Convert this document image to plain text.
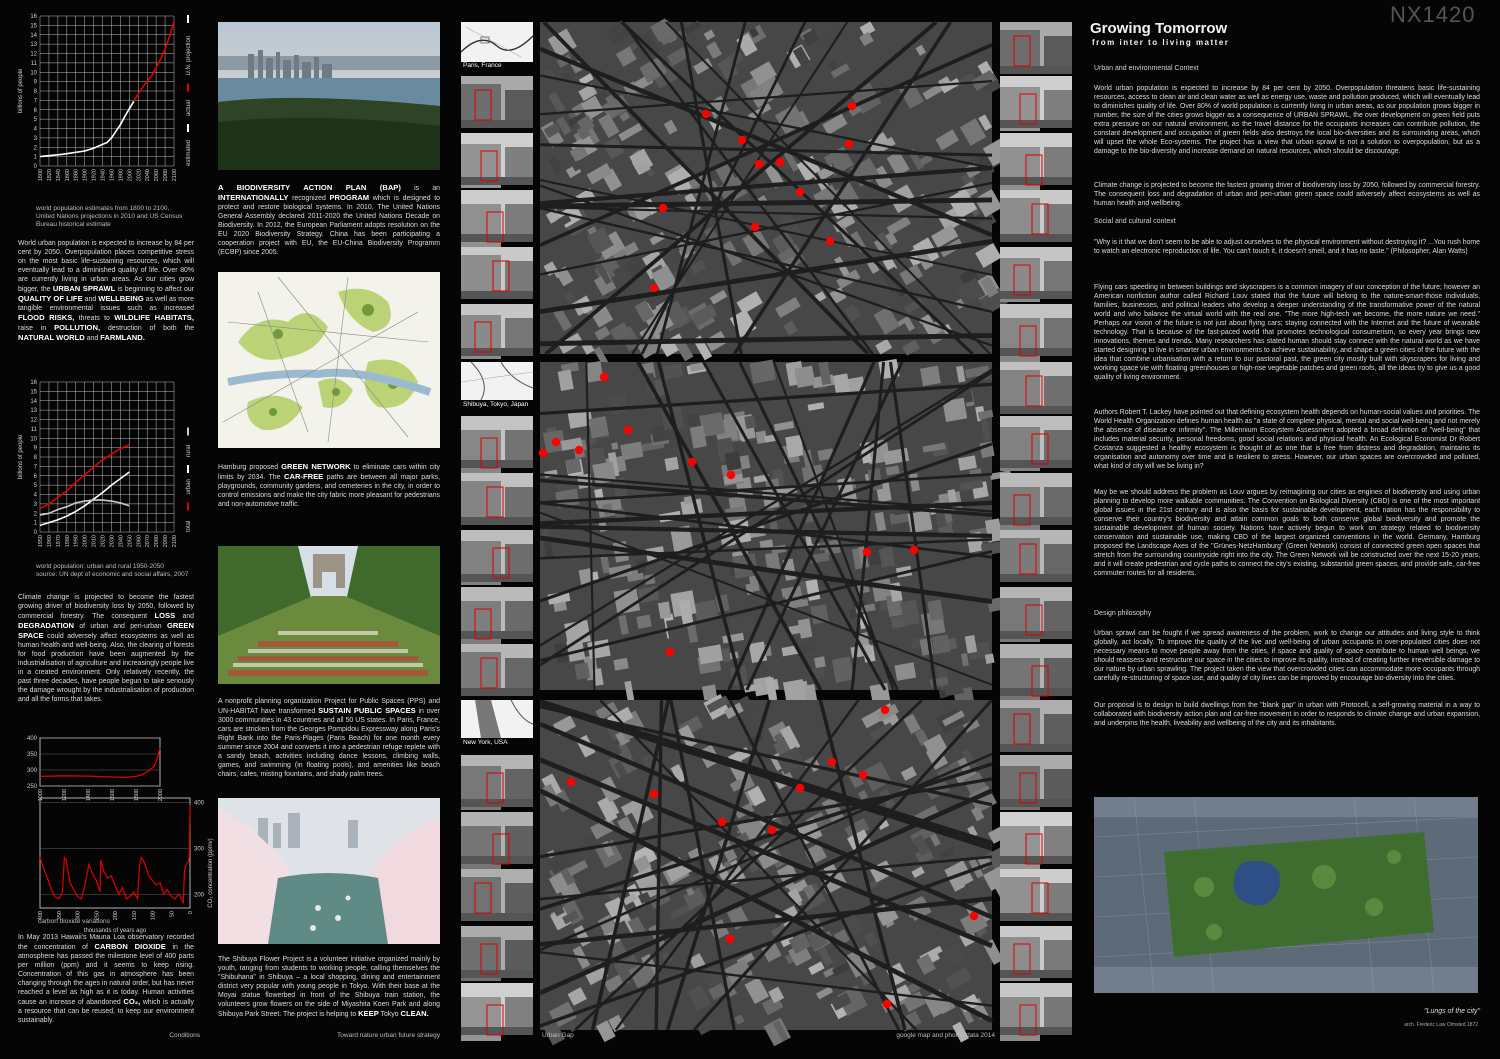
NX1420
0
1
2
3
4
5
6
7
8
9
10
11
12
13
14
15
16
1800 1820 1840 1860 1880 1900 1920 1940 1960 1980 2000 2020 2040 2060 2080 2100
billions of people
estimated
actual
U.N. projection
world population estimates from 1800 to 2100, United Nations projections in 2010 and US Census Bureau historical estimate
World urban population is expected to increase by 84 per cent by 2050. Overpopulation places competitive stress on the most basic life-sustaining resources, which will eventually lead to a diminished quality of life. Over 80% are currently living in urban areas. As our cities grow bigger, the URBAN SPRAWL is beginning to affect our QUALITY OF LIFE and WELLBEING as well as more tangible environmental issues such as increased FLOOD RISKS, threats to WILDLIFE HABITATS, raise in POLLUTION, destruction of both the NATURAL WORLD and FARMLAND.
0
1
2
3
4
5
6
7
8
9
10
11
12
13
14
15
16
1950 1960 1970 1980 1990 2000 2010 2020 2030 2040 2050 2060 2070 2080 2090 2100
billions of people
total
urban
rural
world population: urban and rural 1950-2050
source: UN dept of economic and social affairs, 2007
Climate change is projected to become the fastest growing driver of biodiversity loss by 2050, followed by commercial forestry. The consequent LOSS and DEGRADATION of urban and peri-urban GREEN SPACE could adversely affect ecosystems as well as human health and well-being. Also, the clearing of forests for food production have been augmented by the industrialisation of agriculture and increasingly people live in a created environment. Only relatively recently, the past three decades, have people begun to take seriously the damage wrought by the industrialisation of production and all the forms that takes.
400
350
300
250
1000	1200	1400	1600	1800	2000
400
300
200
400 350 300 250 200 150 100 50 0
thousands of years ago
CO₂ concentration (ppmv)
carbon dioxide variations
In May 2013 Hawaii's Mauna Loa observatory recorded the concentration of CARBON DIOXIDE in the atmosphere has passed the milestone level of 400 parts per million (ppm) and it seems to keep rising. Concentration of this gas in atmosphere has been changing through the ages in natural order, but has never reached a level as high as it is today. Human activities cause an increase of abandoned CO₂, which is actually a resource that can be reused, to keep our environment sustainably.
Conditions
A BIODIVERSITY ACTION PLAN (BAP) is an INTERNATIONALLY recognized PROGRAM which is designed to protect and restore biological systems. In 2010, The United Nations General Assembly declared 2011-2020 the United Nations Decade on Biodiversity. In 2012, the European Parliament adopts resolution on the EU 2020 Biodiversity Strategy. China has been participating a cooperation project with EU, the EU-China Biodiversity Programm (ECBP) since 2005.
Hamburg proposed GREEN NETWORK to eliminate cars within city limits by 2034. The CAR-FREE paths are between all major parks, playgrounds, community gardens, and cemeteries in the city, in order to control emissions and make the city fabric more pleasant for pedestrians and non-automotive traffic.
A nonprofit planning organization Project for Public Spaces (PPS) and UN-HABITAT have transformed SUSTAIN PUBLIC SPACES in over 3000 communities in 43 countries and all 50 US states. In Paris, France, cars are stricken from the Georges Pompidou Expressway along Paris's Right Bank into the Paris-Plages (Paris Beach) for one month every summer since 2004 and converts it into a pedestrian refuge replete with a sandy beach, activities including dance lessons, climbing walls, games, and swimming (in floating pools), and amenities like beach chairs, cafes, misting fountains, and shady palm trees.
The Shibuya Flower Project is a volunteer initiative organized mainly by youth, ranging from students to working people, calling themselves the "Shibuhana" in Shibuya – a local shopping, dining and entertainment district very popular with young people in Tokyo. With their base at the Moyai statue flowerbed in front of the Shibuya train station, the volunteers grow flowers on the side of Miyashita Koen Park and along Shibuya Park Street. The project is helping to KEEP Tokyo CLEAN.
Toward nature urban future strategy
Paris, France
Shibuya, Tokyo, Japan
New York, USA
Urban Gap	google map and photos data 2014
Growing Tomorrow
from inter to living matter
Urban and environmental Context
World urban population is expected to increase by 84 per cent by 2050. Overpopulation threatens basic life-sustaining resources, access to clean air and clean water as well as energy use, waste and pollution produced, which will eventually lead to diminishes quality of life. Over 80% of world population is currently living in urban areas, as our population grows bigger in number, the size of the cities grows bigger as a consequence of URBAN SPRAWL, the over development on green field puts extra pressure on our natural environment, as the travel distance for the occupants increases can contribute pollution, the constant development and occupation of green fields also destroys the local bio-diversities and its surrounding areas, which will upset the whole Eco-systems. The project has a view that urban sprawl is not a solution to overpopulation, but as a damage to the bio-diversity and increase demand on natural resources, which should be discourage.
Climate change is projected to become the fastest growing driver of biodiversity loss by 2050, followed by commercial forestry. The consequent loss and degradation of urban and peri-urban green space could adversely affect ecosystems as well as human health and wellbeing.
Social and cultural context
"Why is it that we don't seem to be able to adjust ourselves to the physical environment without destroying it? ...You rush home to watch an electronic reproduction of life. You can't touch it, it doesn't smell, and it has no taste." (Philosopher, Alan Watts)
Flying cars speeding in between buildings and skyscrapers is a common imagery of our conception of the future; however an American nonfiction author called Richard Louv stated that the future will belong to the nature-smart-those individuals, families, businesses, and political leaders who develop a deeper understanding of the transformative power of the natural world and who balance the virtual world with the real one. "The more high-tech we become, the more nature we need." Perhaps our vision of the future is not just about flying cars; staying connected with the Internet and the future of wearable technology. That is because of the fast-paced world that promotes technological consumerism, so every year brings new innovations, themes and trends. Many researchers has stated human should stay connect with the natural world as we have started designing to live in smarter urban environments to achieve sustainability, and shape a green cities of the future with the idea that combine urbanisation with a return to our pastoral past, the green city mostly built with skyscrapers for living and working space vie with floating greenhouses or high-rise vegetable patches and green roofs, all the ideas try to give us a good quality of living environment.
Authors Robert T. Lackey have pointed out that defining ecosystem health depends on human-social values and priorities. The World Health Organization defines human health as "a state of complete physical, mental and social well-being and not merely the absence of disease or infirmity". The Millennium Ecosystem Assessment adopted a broad definition of "well-being" that includes material security, personal freedoms, good social relations and physical health. An Ecological Economist Dr Robert Costanza suggested a healthy ecosystem is thought of as one that is free from distress and degradation, maintains its organisation and autonomy over time and is resilient to stress. However, our urban spaces are overcrowded and polluted, what kind of city will we be living in?
May be we should address the problem as Louv argues by reimagining our cities as engines of biodiversity and using urban planning to develop more walkable communities. The Convention on Biological Diversity (CBD) is one of the most important global issues in the 21st century and is also the basis for sustainable development, each nation has the responsibility to conserve their country's biodiversity and attain common goals to both conserve global biodiversity and promote the sustainable development of human society. Nations have actively begun to work on strategy related to biodiversity conservation and sustainable use, making CBD of the largest organized conventions in the world. Germany, Hamburg proposed the Landscape Axes of the "Grünes-NetzHamburg" (Green Network) consist of connected green open spaces that stretch from the surrounding countryside right into the city. The Green Network will be constructed over the next 15-20 years, and it will create pedestrian and cycle paths to connect the city's existing, substantial green spaces, and provide safe, car-free commuter routes for all residents.
Design philosophy
Urban sprawl can be fought if we spread awareness of the problem, work to change our attitudes and living style to think globally, act locally. To improve the quality of the live and well-being of urban occupants in over-populated cities does not necessary means to move people away from the cities, if space and quality of space contribute to human well beings, we should reassess and restructure our space in the cities to improve its quality, instead of creating further irreversible damage to our nature by urban sprawling. The project taken the view that overcrowded cities can accommodate more occupants through carefully re-structuring of space use, and quality of city lives can be improved by encourage bio-diversity into the cities.
Our proposal is to design to build dwellings from the "blank gap" in urban with Protocell, a self-growing material in a way to collaborated with biodiversity action plan and car-free movement in order to responds to climate change and urban expansion, and underpins the health, liveability and wellbeing of the city and its inhabitants.
"Lungs of the city"
arch. Frederic Law Olmsted 1872
